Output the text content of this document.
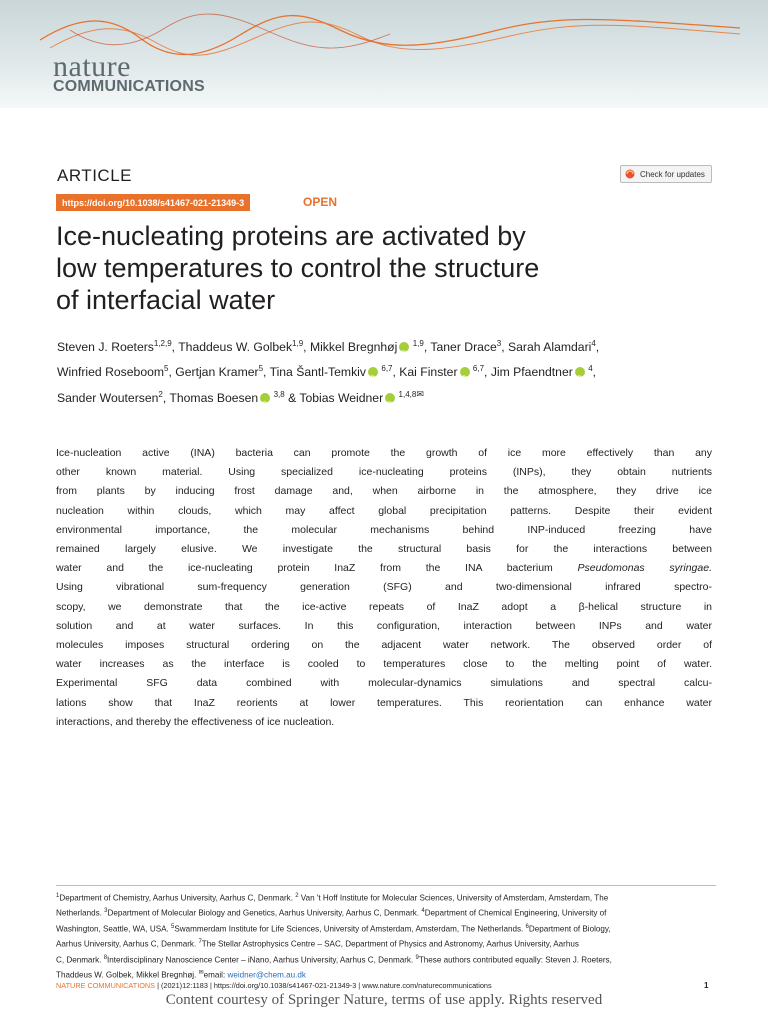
nature
COMMUNICATIONS
ARTICLE	Check for updates
https://doi.org/10.1038/s41467-021-21349-3	OPEN
Ice-nucleating proteins are activated by
low temperatures to control the structure
of interfacial water
Steven J. Roeters$^{1,2,9}$, Thaddeus W. Golbek$^{1,9}$, Mikkel Bregnhøj iD $^{1,9}$, Taner Drace$^3$, Sarah Alamdari$^4$,
Winfried Roseboom$^5$, Gertjan Kramer$^5$, Tina Šantl-Temkiv iD $^{6,7}$, Kai Finster iD $^{6,7}$, Jim Pfaendtner iD $^4$,
Sander Woutersen$^2$, Thomas Boesen iD $^{3,8}$ & Tobias Weidner iD $^{1,4,8✉}$
Ice-nucleation active (INA) bacteria can promote the growth of ice more effectively than any
other known material. Using specialized ice-nucleating proteins (INPs), they obtain nutrients
from plants by inducing frost damage and, when airborne in the atmosphere, they drive ice
nucleation within clouds, which may affect global precipitation patterns. Despite their evident
environmental importance, the molecular mechanisms behind INP-induced freezing have
remained largely elusive. We investigate the structural basis for the interactions between
water and the ice-nucleating protein InaZ from the INA bacterium Pseudomonas syringae.
Using vibrational sum-frequency generation (SFG) and two-dimensional infrared spectro-
scopy, we demonstrate that the ice-active repeats of InaZ adopt a β-helical structure in
solution and at water surfaces. In this configuration, interaction between INPs and water
molecules imposes structural ordering on the adjacent water network. The observed order of
water increases as the interface is cooled to temperatures close to the melting point of water.
Experimental SFG data combined with molecular-dynamics simulations and spectral calcu-
lations show that InaZ reorients at lower temperatures. This reorientation can enhance water
interactions, and thereby the effectiveness of ice nucleation.
$^1$Department of Chemistry, Aarhus University, Aarhus C, Denmark. $^2$ Van 't Hoff Institute for Molecular Sciences, University of Amsterdam, Amsterdam, The
Netherlands. $^3$Department of Molecular Biology and Genetics, Aarhus University, Aarhus C, Denmark. $^4$Department of Chemical Engineering, University of
Washington, Seattle, WA, USA. $^5$Swammerdam Institute for Life Sciences, University of Amsterdam, Amsterdam, The Netherlands. $^6$Department of Biology,
Aarhus University, Aarhus C, Denmark. $^7$The Stellar Astrophysics Centre – SAC, Department of Physics and Astronomy, Aarhus University, Aarhus
C, Denmark. $^8$Interdisciplinary Nanoscience Center – iNano, Aarhus University, Aarhus C, Denmark. $^9$These authors contributed equally: Steven J. Roeters,
Thaddeus W. Golbek, Mikkel Bregnhøj. ✉email: weidner@chem.au.dk
NATURE COMMUNICATIONS | (2021)12:1183 | https://doi.org/10.1038/s41467-021-21349-3 | www.nature.com/naturecommunications	1
Content courtesy of Springer Nature, terms of use apply. Rights reserved
